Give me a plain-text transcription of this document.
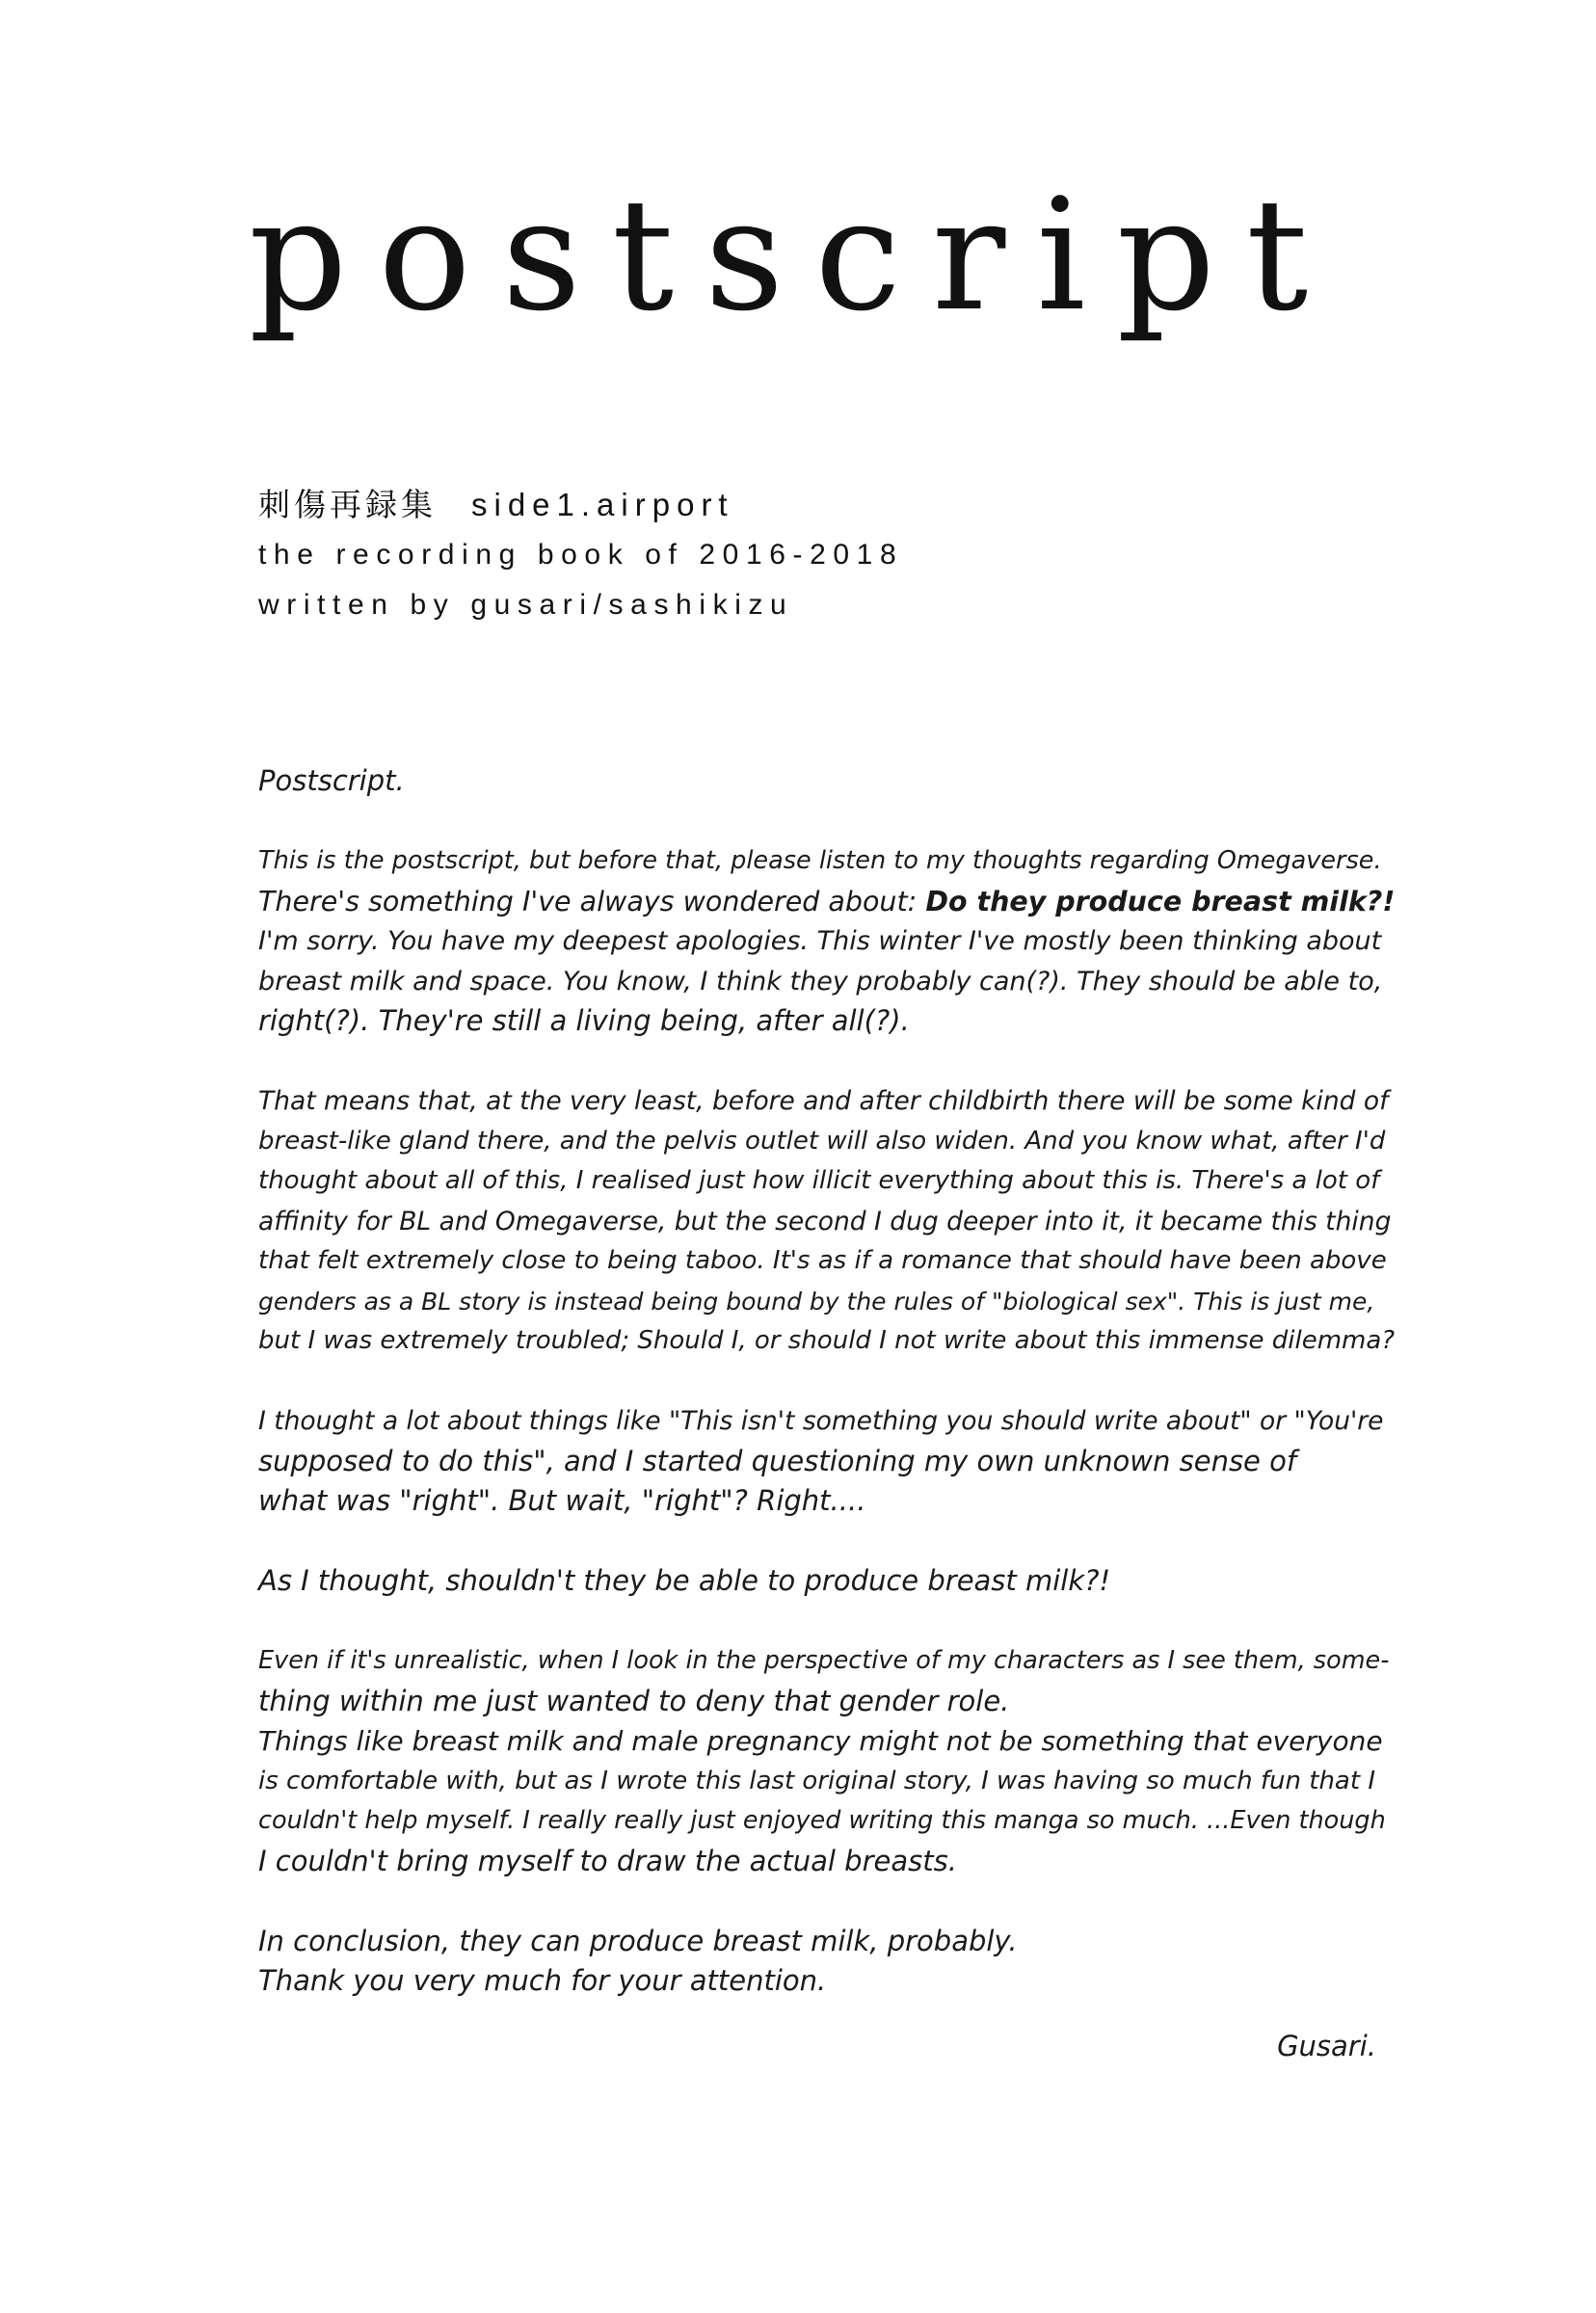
postscript
刺傷再録集 side1.airport
the recording book of 2016-2018
written by gusari/sashikizu

Postscript.

This is the postscript, but before that, please listen to my thoughts regarding Omegaverse.

There's something I've always wondered about: Do they produce breast milk?!

I'm sorry. You have my deepest apologies. This winter I've mostly been thinking about

breast milk and space. You know, I think they probably can(?). They should be able to,

right(?). They're still a living being, after all(?).

That means that, at the very least, before and after childbirth there will be some kind of

breast-like gland there, and the pelvis outlet will also widen. And you know what, after I'd

thought about all of this, I realised just how illicit everything about this is. There's a lot of

affinity for BL and Omegaverse, but the second I dug deeper into it, it became this thing

that felt extremely close to being taboo. It's as if a romance that should have been above

genders as a BL story is instead being bound by the rules of "biological sex". This is just me,

but I was extremely troubled; Should I, or should I not write about this immense dilemma?

I thought a lot about things like "This isn't something you should write about" or "You're

supposed to do this", and I started questioning my own unknown sense of

what was "right". But wait, "right"? Right....

As I thought, shouldn't they be able to produce breast milk?!

Even if it's unrealistic, when I look in the perspective of my characters as I see them, some-

thing within me just wanted to deny that gender role.

Things like breast milk and male pregnancy might not be something that everyone

is comfortable with, but as I wrote this last original story, I was having so much fun that I

couldn't help myself. I really really just enjoyed writing this manga so much. ...Even though

I couldn't bring myself to draw the actual breasts.

In conclusion, they can produce breast milk, probably.

Thank you very much for your attention.

Gusari.
